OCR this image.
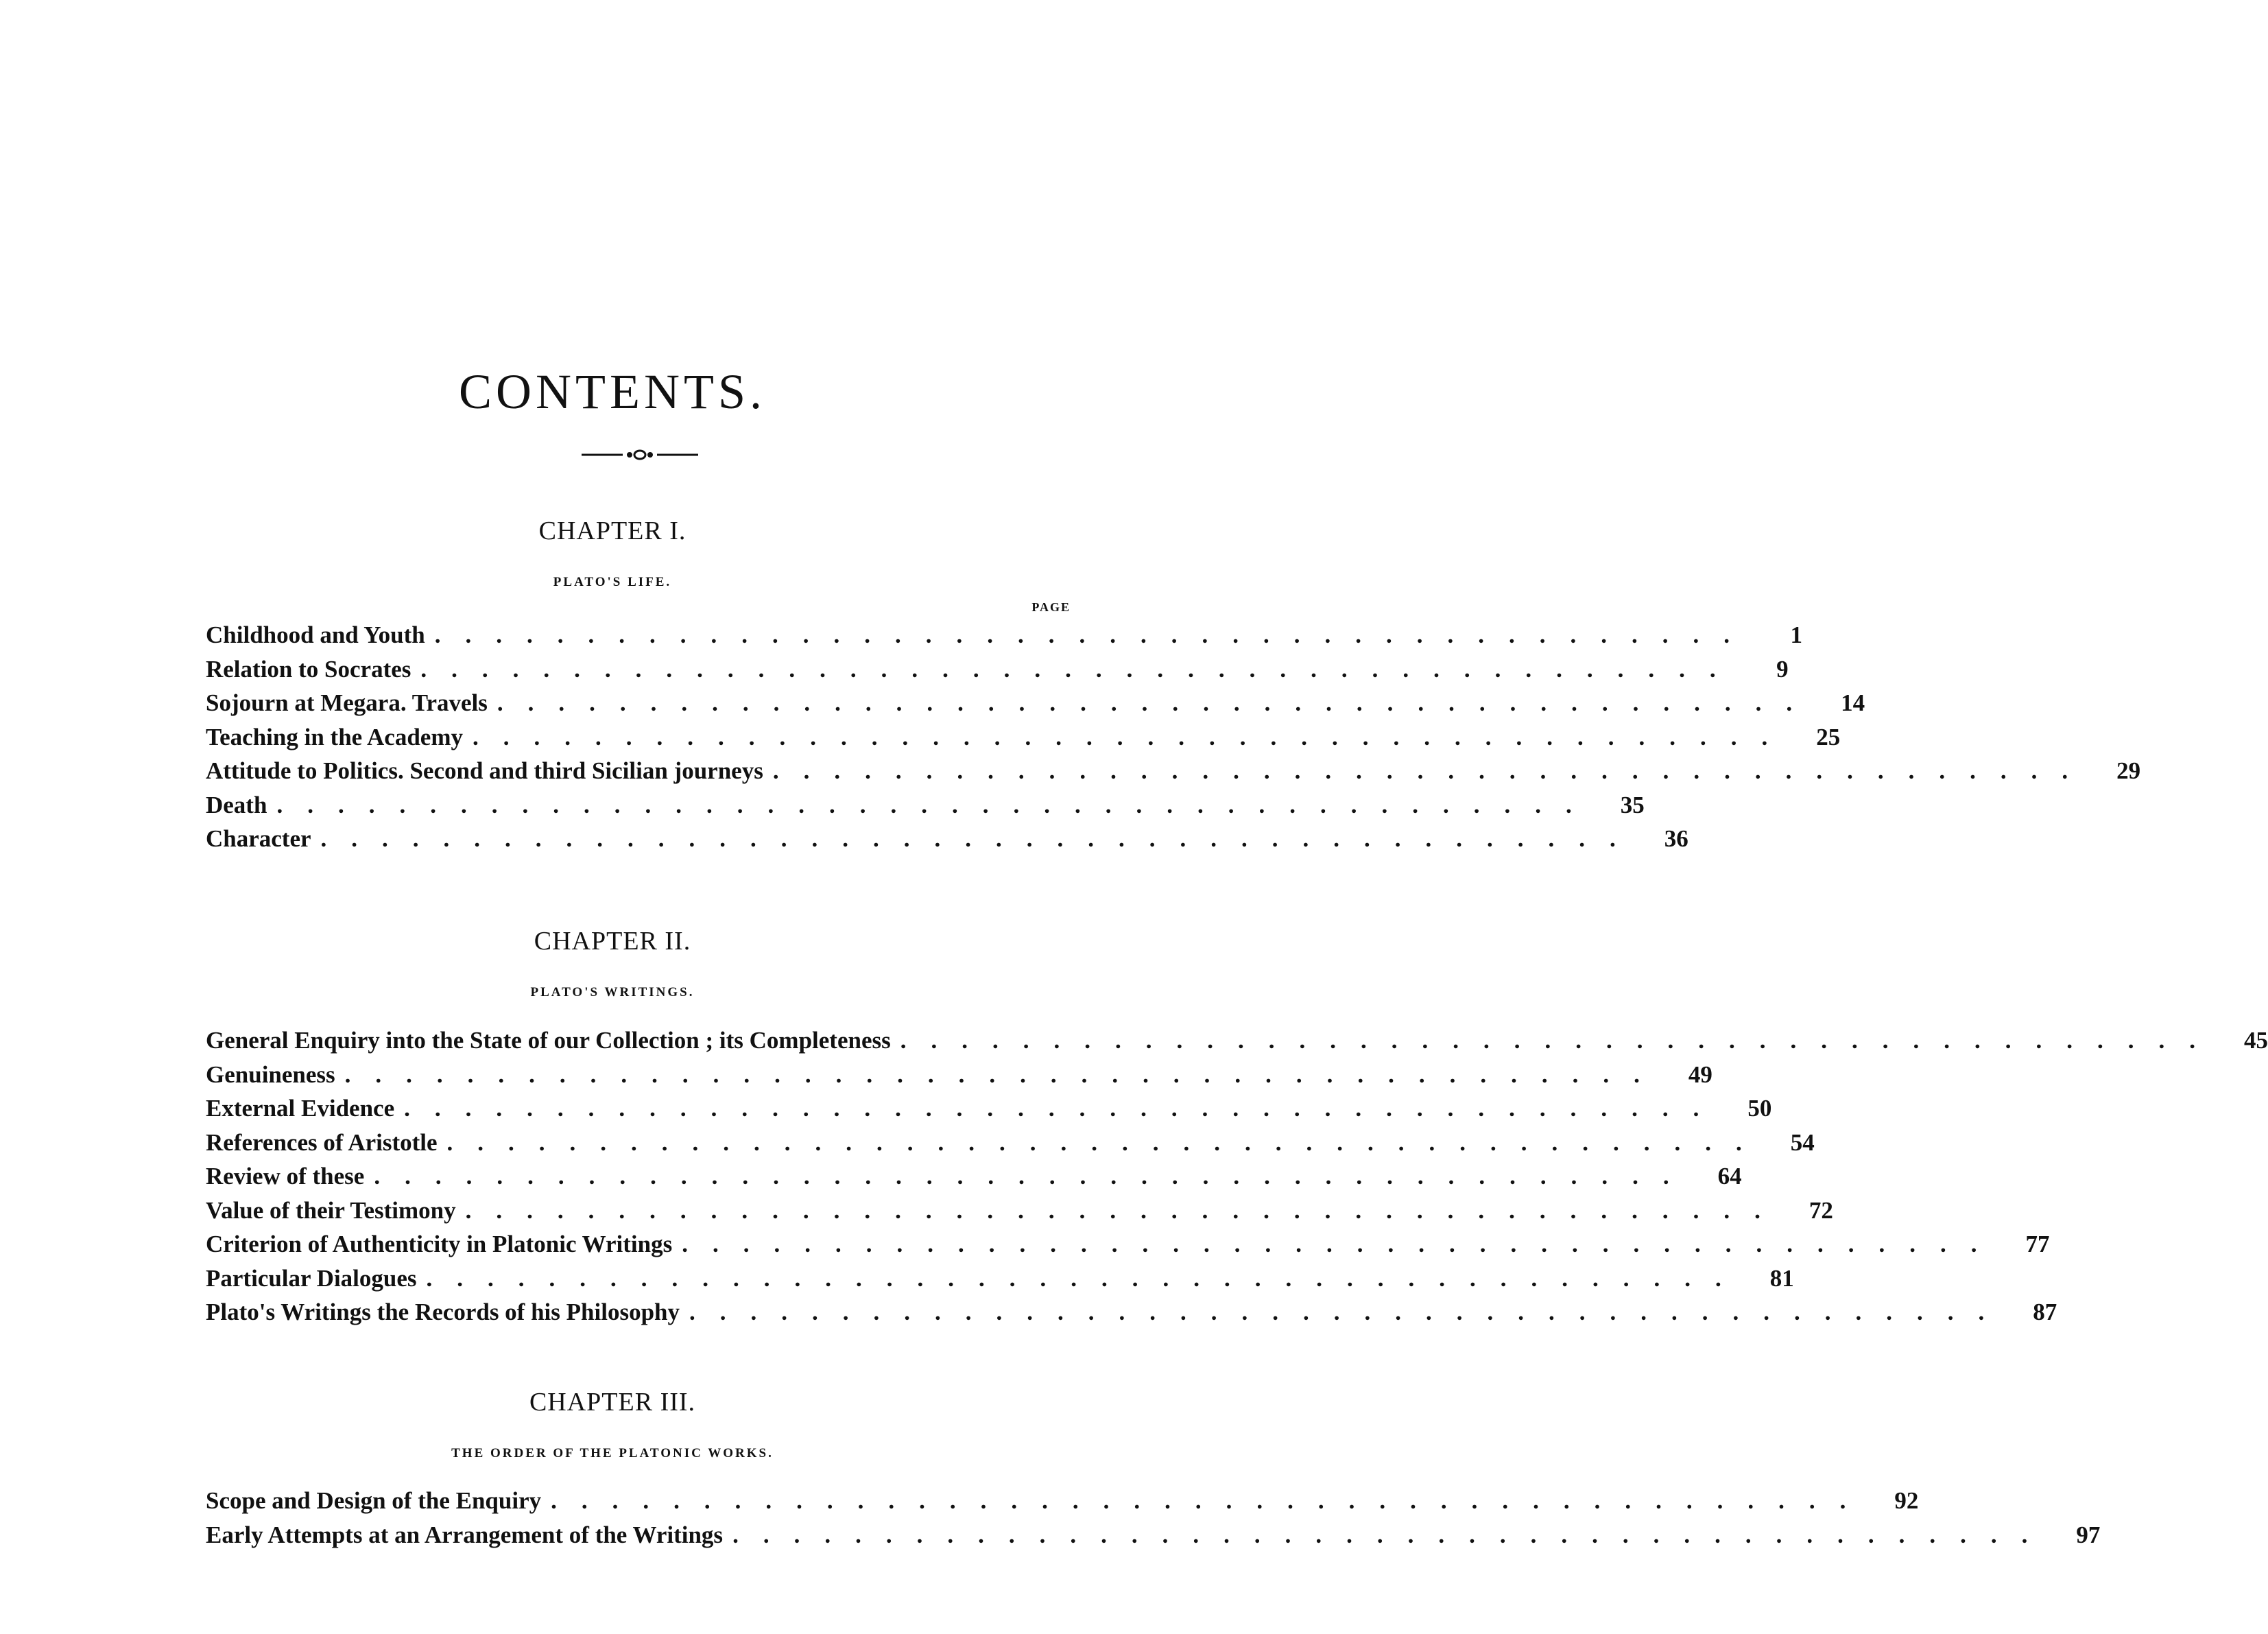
CONTENTS.
CHAPTER I.
PLATO'S LIFE.
PAGE
Childhood and Youth ...........................................	1
Relation to Socrates ...........................................	9
Sojourn at Megara. Travels ........................................... 14
Teaching in the Academy ........................................... 25
Attitude to Politics. Second and third Sicilian journeys ........................................... 29
Death ........................................... 35
Character ........................................... 36
CHAPTER II.
PLATO'S WRITINGS.
General Enquiry into the State of our Collection ; its Completeness ........................................... 45
Genuineness ........................................... 49
External Evidence ........................................... 50
References of Aristotle ........................................... 54
Review of these ........................................... 64
Value of their Testimony ........................................... 72
Criterion of Authenticity in Platonic Writings ........................................... 77
Particular Dialogues ........................................... 81
Plato's Writings the Records of his Philosophy ........................................... 87
CHAPTER III.
THE ORDER OF THE PLATONIC WORKS.
Scope and Design of the Enquiry ........................................... 92
Early Attempts at an Arrangement of the Writings ........................................... 97
